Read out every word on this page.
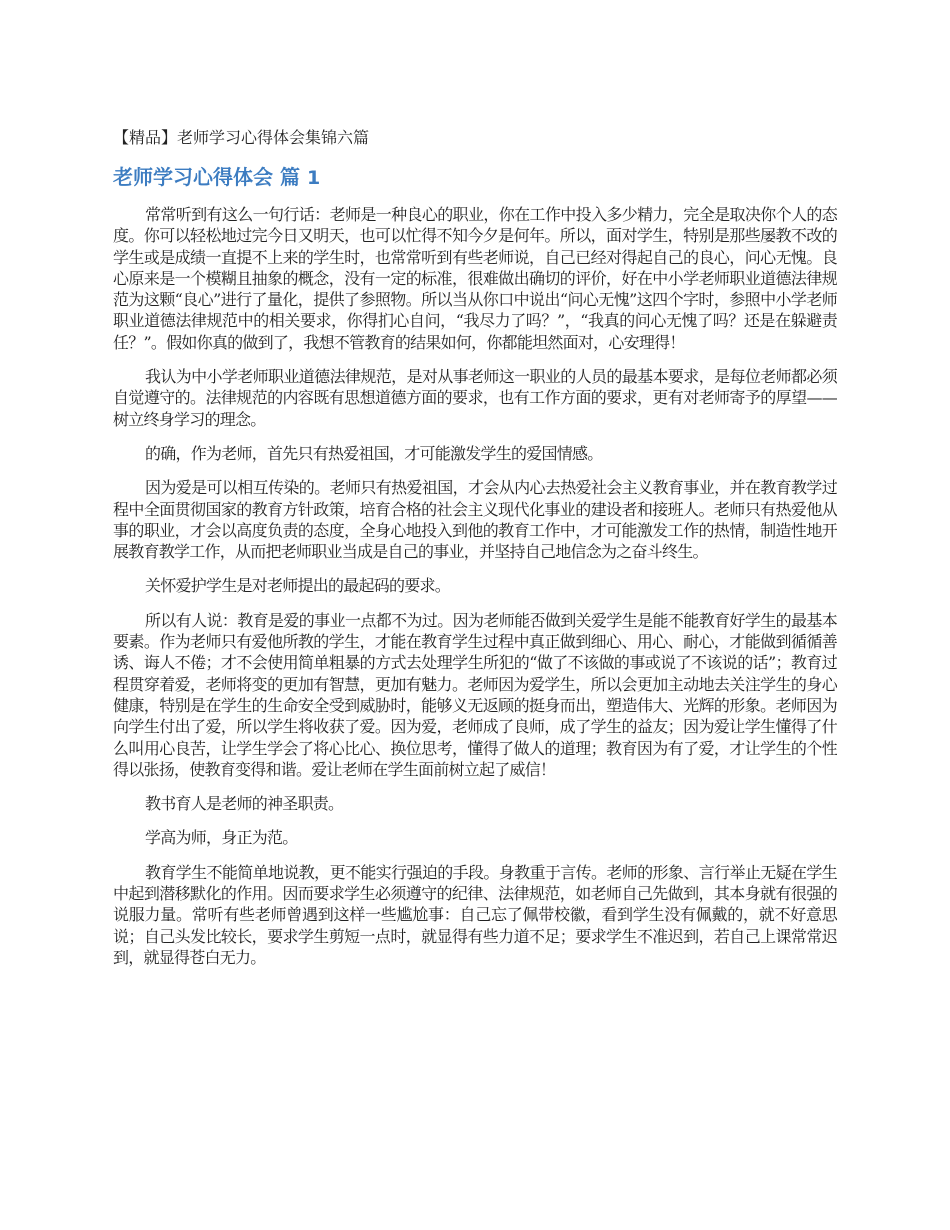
【精品】老师学习心得体会集锦六篇
老师学习心得体会 篇 1

常常听到有这么一句行话：老师是一种良心的职业，你在工作中投入多少精力，完全是取决你个人的态度。你可以轻松地过完今日又明天，也可以忙得不知今夕是何年。所以，面对学生，特别是那些屡教不改的学生或是成绩一直提不上来的学生时，也常常听到有些老师说，自己已经对得起自己的良心，问心无愧。良心原来是一个模糊且抽象的概念，没有一定的标准，很难做出确切的评价，好在中小学老师职业道德法律规范为这颗“良心”进行了量化，提供了参照物。所以当从你口中说出“问心无愧”这四个字时，参照中小学老师职业道德法律规范中的相关要求，你得扪心自问，“我尽力了吗？”，“我真的问心无愧了吗？还是在躲避责任？”。假如你真的做到了，我想不管教育的结果如何，你都能坦然面对，心安理得！

我认为中小学老师职业道德法律规范，是对从事老师这一职业的人员的最基本要求，是每位老师都必须自觉遵守的。法律规范的内容既有思想道德方面的要求，也有工作方面的要求，更有对老师寄予的厚望——树立终身学习的理念。

的确，作为老师，首先只有热爱祖国，才可能激发学生的爱国情感。

因为爱是可以相互传染的。老师只有热爱祖国，才会从内心去热爱社会主义教育事业，并在教育教学过程中全面贯彻国家的教育方针政策，培育合格的社会主义现代化事业的建设者和接班人。老师只有热爱他从事的职业，才会以高度负责的态度，全身心地投入到他的教育工作中，才可能激发工作的热情，制造性地开展教育教学工作，从而把老师职业当成是自己的事业，并坚持自己地信念为之奋斗终生。

关怀爱护学生是对老师提出的最起码的要求。

所以有人说：教育是爱的事业一点都不为过。因为老师能否做到关爱学生是能不能教育好学生的最基本要素。作为老师只有爱他所教的学生，才能在教育学生过程中真正做到细心、用心、耐心，才能做到循循善诱、诲人不倦；才不会使用简单粗暴的方式去处理学生所犯的“做了不该做的事或说了不该说的话”；教育过程贯穿着爱，老师将变的更加有智慧，更加有魅力。老师因为爱学生，所以会更加主动地去关注学生的身心健康，特别是在学生的生命安全受到威胁时，能够义无返顾的挺身而出，塑造伟大、光辉的形象。老师因为向学生付出了爱，所以学生将收获了爱。因为爱，老师成了良师，成了学生的益友；因为爱让学生懂得了什么叫用心良苦，让学生学会了将心比心、换位思考，懂得了做人的道理；教育因为有了爱，才让学生的个性得以张扬，使教育变得和谐。爱让老师在学生面前树立起了威信！

教书育人是老师的神圣职责。

学高为师，身正为范。

教育学生不能简单地说教，更不能实行强迫的手段。身教重于言传。老师的形象、言行举止无疑在学生中起到潜移默化的作用。因而要求学生必须遵守的纪律、法律规范，如老师自己先做到，其本身就有很强的说服力量。常听有些老师曾遇到这样一些尴尬事：自己忘了佩带校徽，看到学生没有佩戴的，就不好意思说；自己头发比较长，要求学生剪短一点时，就显得有些力道不足；要求学生不准迟到，若自己上课常常迟到，就显得苍白无力。
